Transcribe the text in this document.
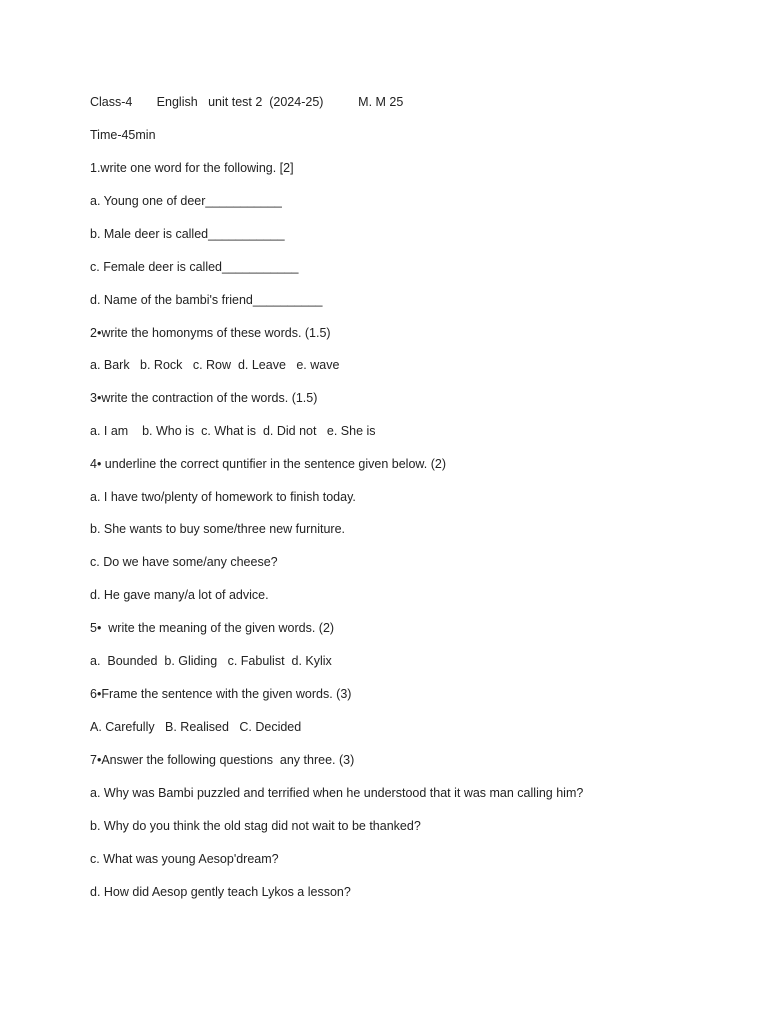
Class-4       English   unit test 2  (2024-25)          M. M 25

Time-45min

1.write one word for the following. [2]

a. Young one of deer___________

b. Male deer is called___________

c. Female deer is called___________

d. Name of the bambi's friend__________

2•write the homonyms of these words. (1.5)

a. Bark   b. Rock   c. Row  d. Leave   e. wave

3•write the contraction of the words. (1.5)

a. I am    b. Who is  c. What is  d. Did not   e. She is

4• underline the correct quntifier in the sentence given below. (2)

a. I have two/plenty of homework to finish today.

b. She wants to buy some/three new furniture.

c. Do we have some/any cheese?

d. He gave many/a lot of advice.

5•  write the meaning of the given words. (2)

a.  Bounded  b. Gliding   c. Fabulist  d. Kylix

6•Frame the sentence with the given words. (3)

A. Carefully   B. Realised   C. Decided

7•Answer the following questions  any three. (3)

a. Why was Bambi puzzled and terrified when he understood that it was man calling him?

b. Why do you think the old stag did not wait to be thanked?

c. What was young Aesop'dream?

d. How did Aesop gently teach Lykos a lesson?
